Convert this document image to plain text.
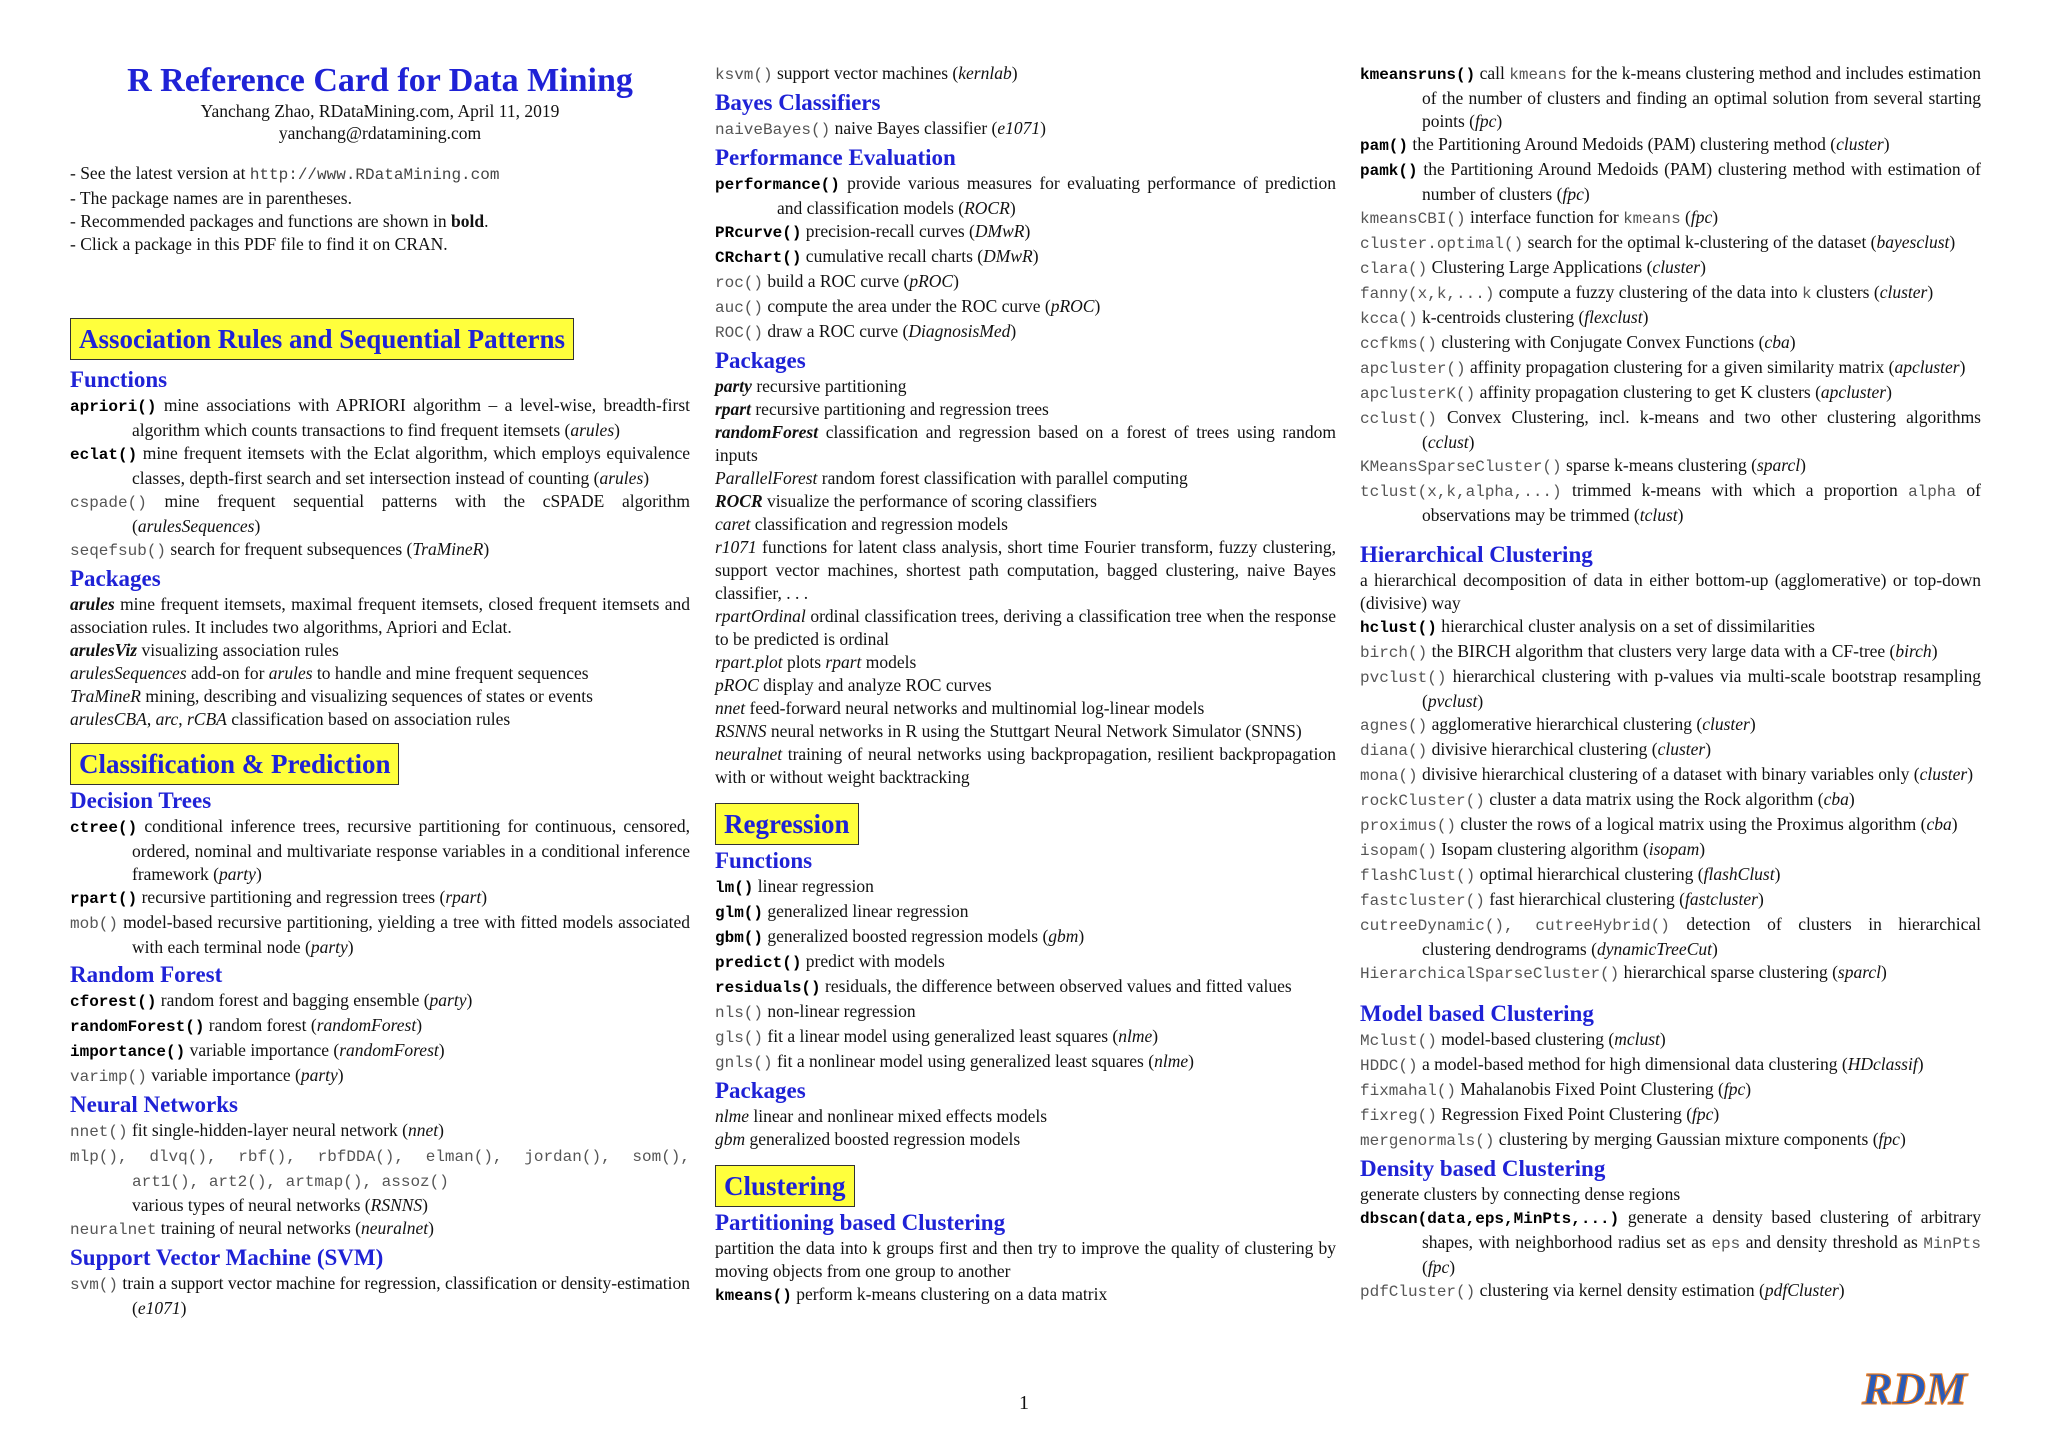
R Reference Card for Data Mining
Yanchang Zhao, RDataMining.com, April 11, 2019
yanchang@rdatamining.com
- See the latest version at http://www.RDataMining.com
- The package names are in parentheses.
- Recommended packages and functions are shown in bold.
- Click a package in this PDF file to find it on CRAN.
Association Rules and Sequential Patterns
Functions
apriori() mine associations with APRIORI algorithm – a level-wise, breadth-first algorithm which counts transactions to find frequent itemsets (arules)
eclat() mine frequent itemsets with the Eclat algorithm, which employs equivalence classes, depth-first search and set intersection instead of counting (arules)
cspade() mine frequent sequential patterns with the cSPADE algorithm (arulesSequences)
seqefsub() search for frequent subsequences (TraMineR)
Packages
arules mine frequent itemsets, maximal frequent itemsets, closed frequent itemsets and association rules. It includes two algorithms, Apriori and Eclat.
arulesViz visualizing association rules
arulesSequences add-on for arules to handle and mine frequent sequences
TraMineR mining, describing and visualizing sequences of states or events
arulesCBA, arc, rCBA classification based on association rules
Classification & Prediction
Decision Trees
ctree() conditional inference trees, recursive partitioning for continuous, censored, ordered, nominal and multivariate response variables in a conditional inference framework (party)
rpart() recursive partitioning and regression trees (rpart)
mob() model-based recursive partitioning, yielding a tree with fitted models associated with each terminal node (party)
Random Forest
cforest() random forest and bagging ensemble (party)
randomForest() random forest (randomForest)
importance() variable importance (randomForest)
varimp() variable importance (party)
Neural Networks
nnet() fit single-hidden-layer neural network (nnet)
mlp(), dlvq(), rbf(), rbfDDA(), elman(), jordan(), som(), art1(), art2(), artmap(), assoz()
various types of neural networks (RSNNS)
neuralnet training of neural networks (neuralnet)
Support Vector Machine (SVM)
svm() train a support vector machine for regression, classification or density-estimation (e1071)
ksvm() support vector machines (kernlab)
Bayes Classifiers
naiveBayes() naive Bayes classifier (e1071)
Performance Evaluation
performance() provide various measures for evaluating performance of prediction and classification models (ROCR)
PRcurve() precision-recall curves (DMwR)
CRchart() cumulative recall charts (DMwR)
roc() build a ROC curve (pROC)
auc() compute the area under the ROC curve (pROC)
ROC() draw a ROC curve (DiagnosisMed)
Packages
party recursive partitioning
rpart recursive partitioning and regression trees
randomForest classification and regression based on a forest of trees using random inputs
ParallelForest random forest classification with parallel computing
ROCR visualize the performance of scoring classifiers
caret classification and regression models
r1071 functions for latent class analysis, short time Fourier transform, fuzzy clustering, support vector machines, shortest path computation, bagged clustering, naive Bayes classifier, . . .
rpartOrdinal ordinal classification trees, deriving a classification tree when the response to be predicted is ordinal
rpart.plot plots rpart models
pROC display and analyze ROC curves
nnet feed-forward neural networks and multinomial log-linear models
RSNNS neural networks in R using the Stuttgart Neural Network Simulator (SNNS)
neuralnet training of neural networks using backpropagation, resilient backpropagation with or without weight backtracking
Regression
Functions
lm() linear regression
glm() generalized linear regression
gbm() generalized boosted regression models (gbm)
predict() predict with models
residuals() residuals, the difference between observed values and fitted values
nls() non-linear regression
gls() fit a linear model using generalized least squares (nlme)
gnls() fit a nonlinear model using generalized least squares (nlme)
Packages
nlme linear and nonlinear mixed effects models
gbm generalized boosted regression models
Clustering
Partitioning based Clustering
partition the data into k groups first and then try to improve the quality of clustering by moving objects from one group to another
kmeans() perform k-means clustering on a data matrix
kmeansruns() call kmeans for the k-means clustering method and includes estimation of the number of clusters and finding an optimal solution from several starting points (fpc)
pam() the Partitioning Around Medoids (PAM) clustering method (cluster)
pamk() the Partitioning Around Medoids (PAM) clustering method with estimation of number of clusters (fpc)
kmeansCBI() interface function for kmeans (fpc)
cluster.optimal() search for the optimal k-clustering of the dataset (bayesclust)
clara() Clustering Large Applications (cluster)
fanny(x,k,...) compute a fuzzy clustering of the data into k clusters (cluster)
kcca() k-centroids clustering (flexclust)
ccfkms() clustering with Conjugate Convex Functions (cba)
apcluster() affinity propagation clustering for a given similarity matrix (apcluster)
apclusterK() affinity propagation clustering to get K clusters (apcluster)
cclust() Convex Clustering, incl. k-means and two other clustering algorithms (cclust)
KMeansSparseCluster() sparse k-means clustering (sparcl)
tclust(x,k,alpha,...) trimmed k-means with which a proportion alpha of observations may be trimmed (tclust)
Hierarchical Clustering
a hierarchical decomposition of data in either bottom-up (agglomerative) or top-down (divisive) way
hclust() hierarchical cluster analysis on a set of dissimilarities
birch() the BIRCH algorithm that clusters very large data with a CF-tree (birch)
pvclust() hierarchical clustering with p-values via multi-scale bootstrap resampling (pvclust)
agnes() agglomerative hierarchical clustering (cluster)
diana() divisive hierarchical clustering (cluster)
mona() divisive hierarchical clustering of a dataset with binary variables only (cluster)
rockCluster() cluster a data matrix using the Rock algorithm (cba)
proximus() cluster the rows of a logical matrix using the Proximus algorithm (cba)
isopam() Isopam clustering algorithm (isopam)
flashClust() optimal hierarchical clustering (flashClust)
fastcluster() fast hierarchical clustering (fastcluster)
cutreeDynamic(), cutreeHybrid() detection of clusters in hierarchical clustering dendrograms (dynamicTreeCut)
HierarchicalSparseCluster() hierarchical sparse clustering (sparcl)
Model based Clustering
Mclust() model-based clustering (mclust)
HDDC() a model-based method for high dimensional data clustering (HDclassif)
fixmahal() Mahalanobis Fixed Point Clustering (fpc)
fixreg() Regression Fixed Point Clustering (fpc)
mergenormals() clustering by merging Gaussian mixture components (fpc)
Density based Clustering
generate clusters by connecting dense regions
dbscan(data,eps,MinPts,...) generate a density based clustering of arbitrary shapes, with neighborhood radius set as eps and density threshold as MinPts (fpc)
pdfCluster() clustering via kernel density estimation (pdfCluster)
1	RDM
